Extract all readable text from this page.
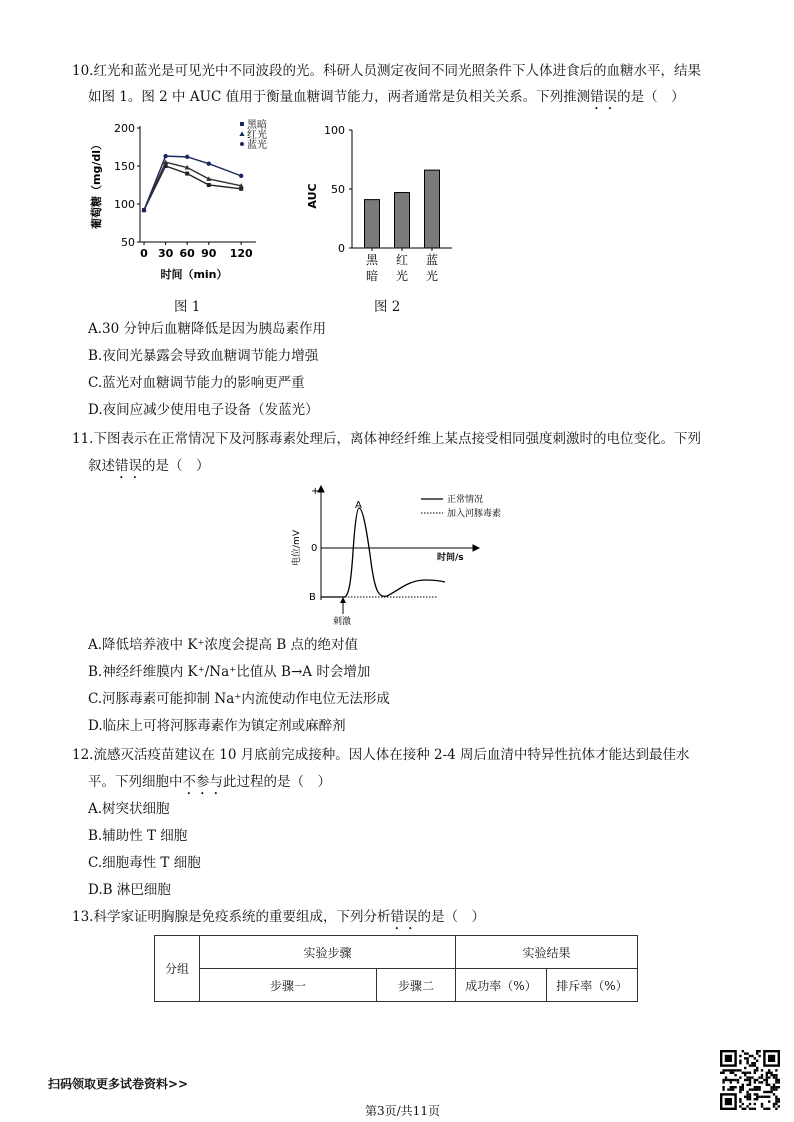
10.红光和蓝光是可见光中不同波段的光。科研人员测定夜间不同光照条件下人体进食后的血糖水平，结果
如图 1。图 2 中 AUC 值用于衡量血糖调节能力，两者通常是负相关关系。下列推测错误的是（　）
50
100
150
200
0 30 60 90 120
黑暗
红光
蓝光
葡萄糖（mg/dl）
时间（min）
图 1
0
50
100
黑
暗
红
光
蓝
光
AUC
图 2
A.30 分钟后血糖降低是因为胰岛素作用
B.夜间光暴露会导致血糖调节能力增强
C.蓝光对血糖调节能力的影响更严重
D.夜间应减少使用电子设备（发蓝光）
11.下图表示在正常情况下及河豚毒素处理后，离体神经纤维上某点接受相同强度刺激时的电位变化。下列
叙述错误的是（　）
+
0
B
A
电位/mV	时间/s
刺激
正常情况
加入河豚毒素
A.降低培养液中 K⁺浓度会提高 B 点的绝对值
B.神经纤维膜内 K⁺/Na⁺比值从 B→A 时会增加
C.河豚毒素可能抑制 Na⁺内流使动作电位无法形成
D.临床上可将河豚毒素作为镇定剂或麻醉剂
12.流感灭活疫苗建议在 10 月底前完成接种。因人体在接种 2-4 周后血清中特异性抗体才能达到最佳水
平。下列细胞中不参与此过程的是（　）
A.树突状细胞
B.辅助性 T 细胞
C.细胞毒性 T 细胞
D.B 淋巴细胞
13.科学家证明胸腺是免疫系统的重要组成，下列分析错误的是（　）
分组	实验步骤		实验结果	
	步骤一	步骤二	成功率（%）	排斥率（%）
扫码领取更多试卷资料>>
第3页/共11页
